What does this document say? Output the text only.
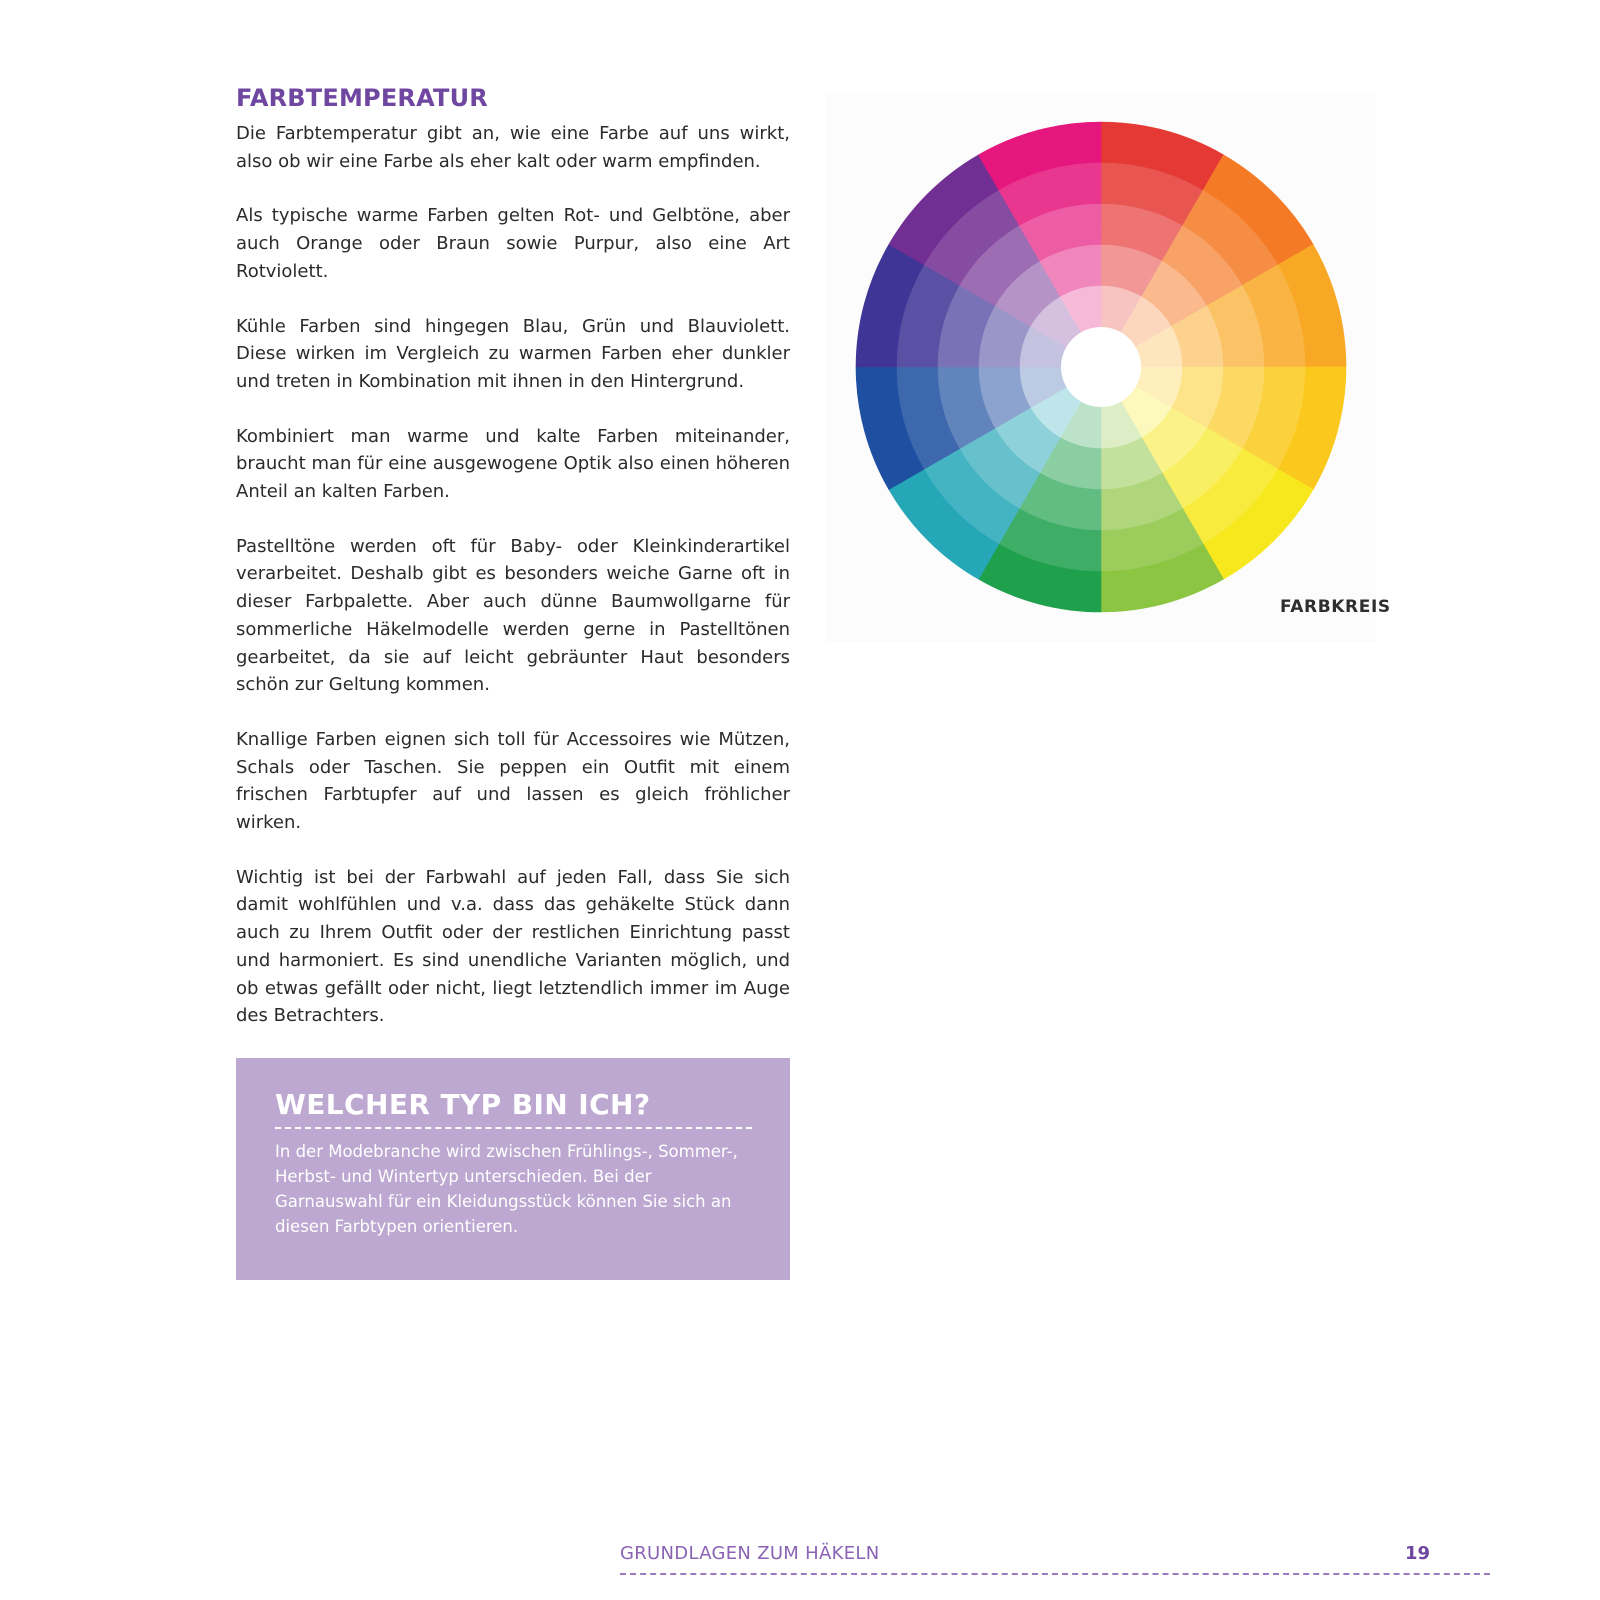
FARBTEMPERATUR

Die Farbtemperatur gibt an, wie eine Farbe auf uns wirkt, also ob wir eine Farbe als eher kalt oder warm empfinden.

Als typische warme Farben gelten Rot- und Gelbtöne, aber auch Orange oder Braun sowie Purpur, also eine Art Rotviolett.

Kühle Farben sind hingegen Blau, Grün und Blauviolett. Diese wirken im Vergleich zu warmen Farben eher dunkler und treten in Kombination mit ihnen in den Hintergrund.

Kombiniert man warme und kalte Farben miteinander, braucht man für eine ausgewogene Optik also einen höheren Anteil an kalten Farben.

Pastelltöne werden oft für Baby- oder Kleinkinderartikel verarbeitet. Deshalb gibt es besonders weiche Garne oft in dieser Farbpalette. Aber auch dünne Baumwollgarne für sommerliche Häkelmodelle werden gerne in Pastelltönen gearbeitet, da sie auf leicht gebräunter Haut besonders schön zur Geltung kommen.

Knallige Farben eignen sich toll für Accessoires wie Mützen, Schals oder Taschen. Sie peppen ein Outfit mit einem frischen Farbtupfer auf und lassen es gleich fröhlicher wirken.

Wichtig ist bei der Farbwahl auf jeden Fall, dass Sie sich damit wohlfühlen und v.a. dass das gehäkelte Stück dann auch zu Ihrem Outfit oder der restlichen Einrichtung passt und harmoniert. Es sind unendliche Varianten möglich, und ob etwas gefällt oder nicht, liegt letztendlich immer im Auge des Betrachters.

FARBKREIS
WELCHER TYP BIN ICH?

In der Modebranche wird zwischen Frühlings-, Sommer-, Herbst- und Wintertyp unterschieden. Bei der Garnauswahl für ein Kleidungsstück können Sie sich an diesen Farbtypen orientieren.

GRUNDLAGEN ZUM HÄKELN	19
